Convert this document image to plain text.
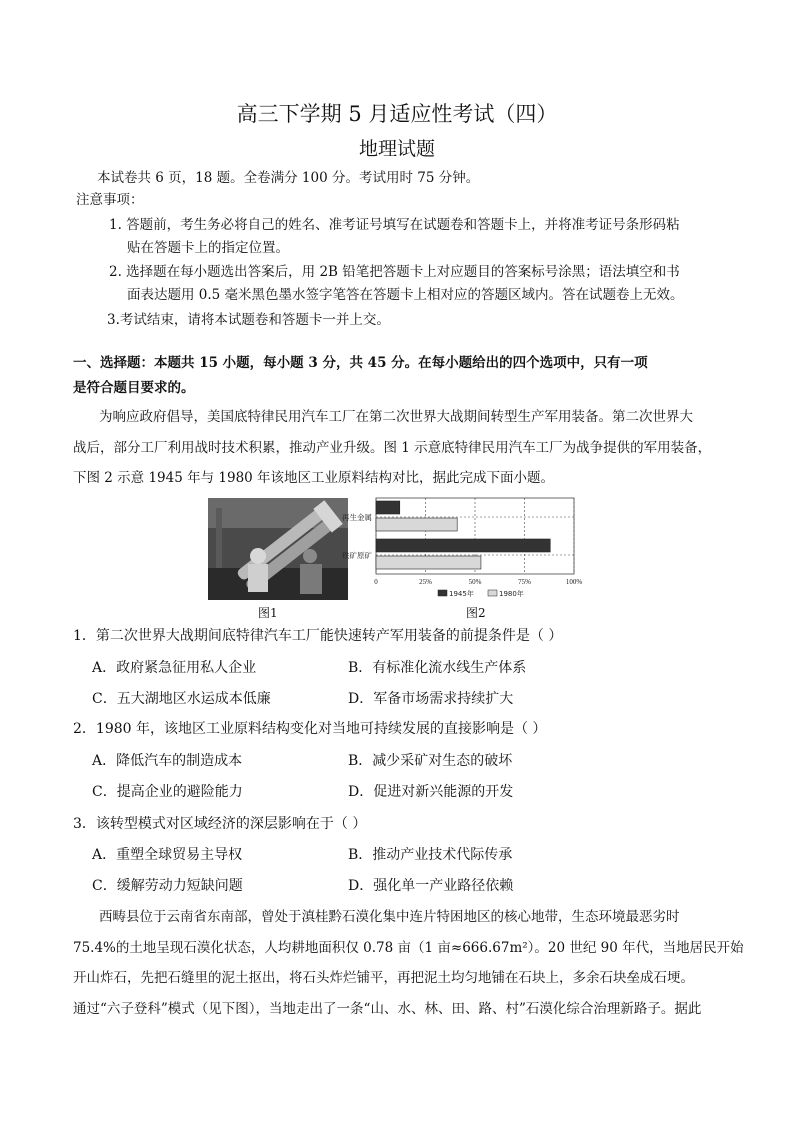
高三下学期 5 月适应性考试（四）
地理试题
本试卷共 6 页，18 题。全卷满分 100 分。考试用时 75 分钟。
注意事项：
1. 答题前，考生务必将自己的姓名、准考证号填写在试题卷和答题卡上，并将准考证号条形码粘
贴在答题卡上的指定位置。
2. 选择题在每小题选出答案后，用 2B 铅笔把答题卡上对应题目的答案标号涂黑；语法填空和书
面表达题用 0.5 毫米黑色墨水签字笔答在答题卡上相对应的答题区域内。答在试题卷上无效。
3.考试结束，请将本试题卷和答题卡一并上交。
一、选择题：本题共 15 小题，每小题 3 分，共 45 分。在每小题给出的四个选项中，只有一项
是符合题目要求的。
为响应政府倡导，美国底特律民用汽车工厂在第二次世界大战期间转型生产军用装备。第二次世界大
战后，部分工厂利用战时技术积累，推动产业升级。图 1 示意底特律民用汽车工厂为战争提供的军用装备，
下图 2 示意 1945 年与 1980 年该地区工业原料结构对比，据此完成下面小题。
图1
0	25%	50%	75%	100%
再生金属
铁矿原矿
1945年	1980年
图2
1．第二次世界大战期间底特律汽车工厂能快速转产军用装备的前提条件是（ ）
A．政府紧急征用私人企业	B．有标准化流水线生产体系
C．五大湖地区水运成本低廉	D．军备市场需求持续扩大
2．1980 年，该地区工业原料结构变化对当地可持续发展的直接影响是（ ）
A．降低汽车的制造成本	B．减少采矿对生态的破坏
C．提高企业的避险能力	D．促进对新兴能源的开发
3．该转型模式对区域经济的深层影响在于（ ）
A．重塑全球贸易主导权	B．推动产业技术代际传承
C．缓解劳动力短缺问题	D．强化单一产业路径依赖
西畴县位于云南省东南部，曾处于滇桂黔石漠化集中连片特困地区的核心地带，生态环境最恶劣时
75.4%的土地呈现石漠化状态，人均耕地面积仅 0.78 亩（1 亩≈666.67m²）。20 世纪 90 年代，当地居民开始
开山炸石，先把石缝里的泥土抠出，将石头炸烂铺平，再把泥土均匀地铺在石块上，多余石块垒成石埂。
通过“六子登科”模式（见下图），当地走出了一条“山、水、林、田、路、村”石漠化综合治理新路子。据此
